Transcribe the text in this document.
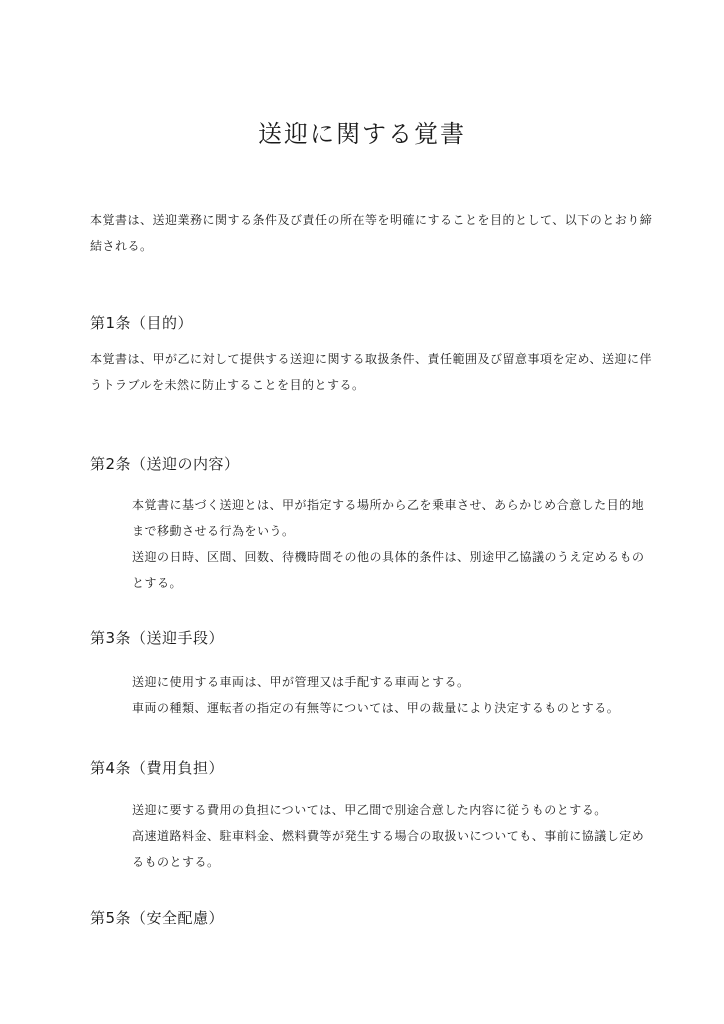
送迎に関する覚書

本覚書は、送迎業務に関する条件及び責任の所在等を明確にすることを目的として、以下のとおり締
結される。

第1条（目的）

本覚書は、甲が乙に対して提供する送迎に関する取扱条件、責任範囲及び留意事項を定め、送迎に伴
うトラブルを未然に防止することを目的とする。

第2条（送迎の内容）

本覚書に基づく送迎とは、甲が指定する場所から乙を乗車させ、あらかじめ合意した目的地
まで移動させる行為をいう。
送迎の日時、区間、回数、待機時間その他の具体的条件は、別途甲乙協議のうえ定めるもの
とする。

第3条（送迎手段）

送迎に使用する車両は、甲が管理又は手配する車両とする。
車両の種類、運転者の指定の有無等については、甲の裁量により決定するものとする。

第4条（費用負担）

送迎に要する費用の負担については、甲乙間で別途合意した内容に従うものとする。
高速道路料金、駐車料金、燃料費等が発生する場合の取扱いについても、事前に協議し定め
るものとする。

第5条（安全配慮）
